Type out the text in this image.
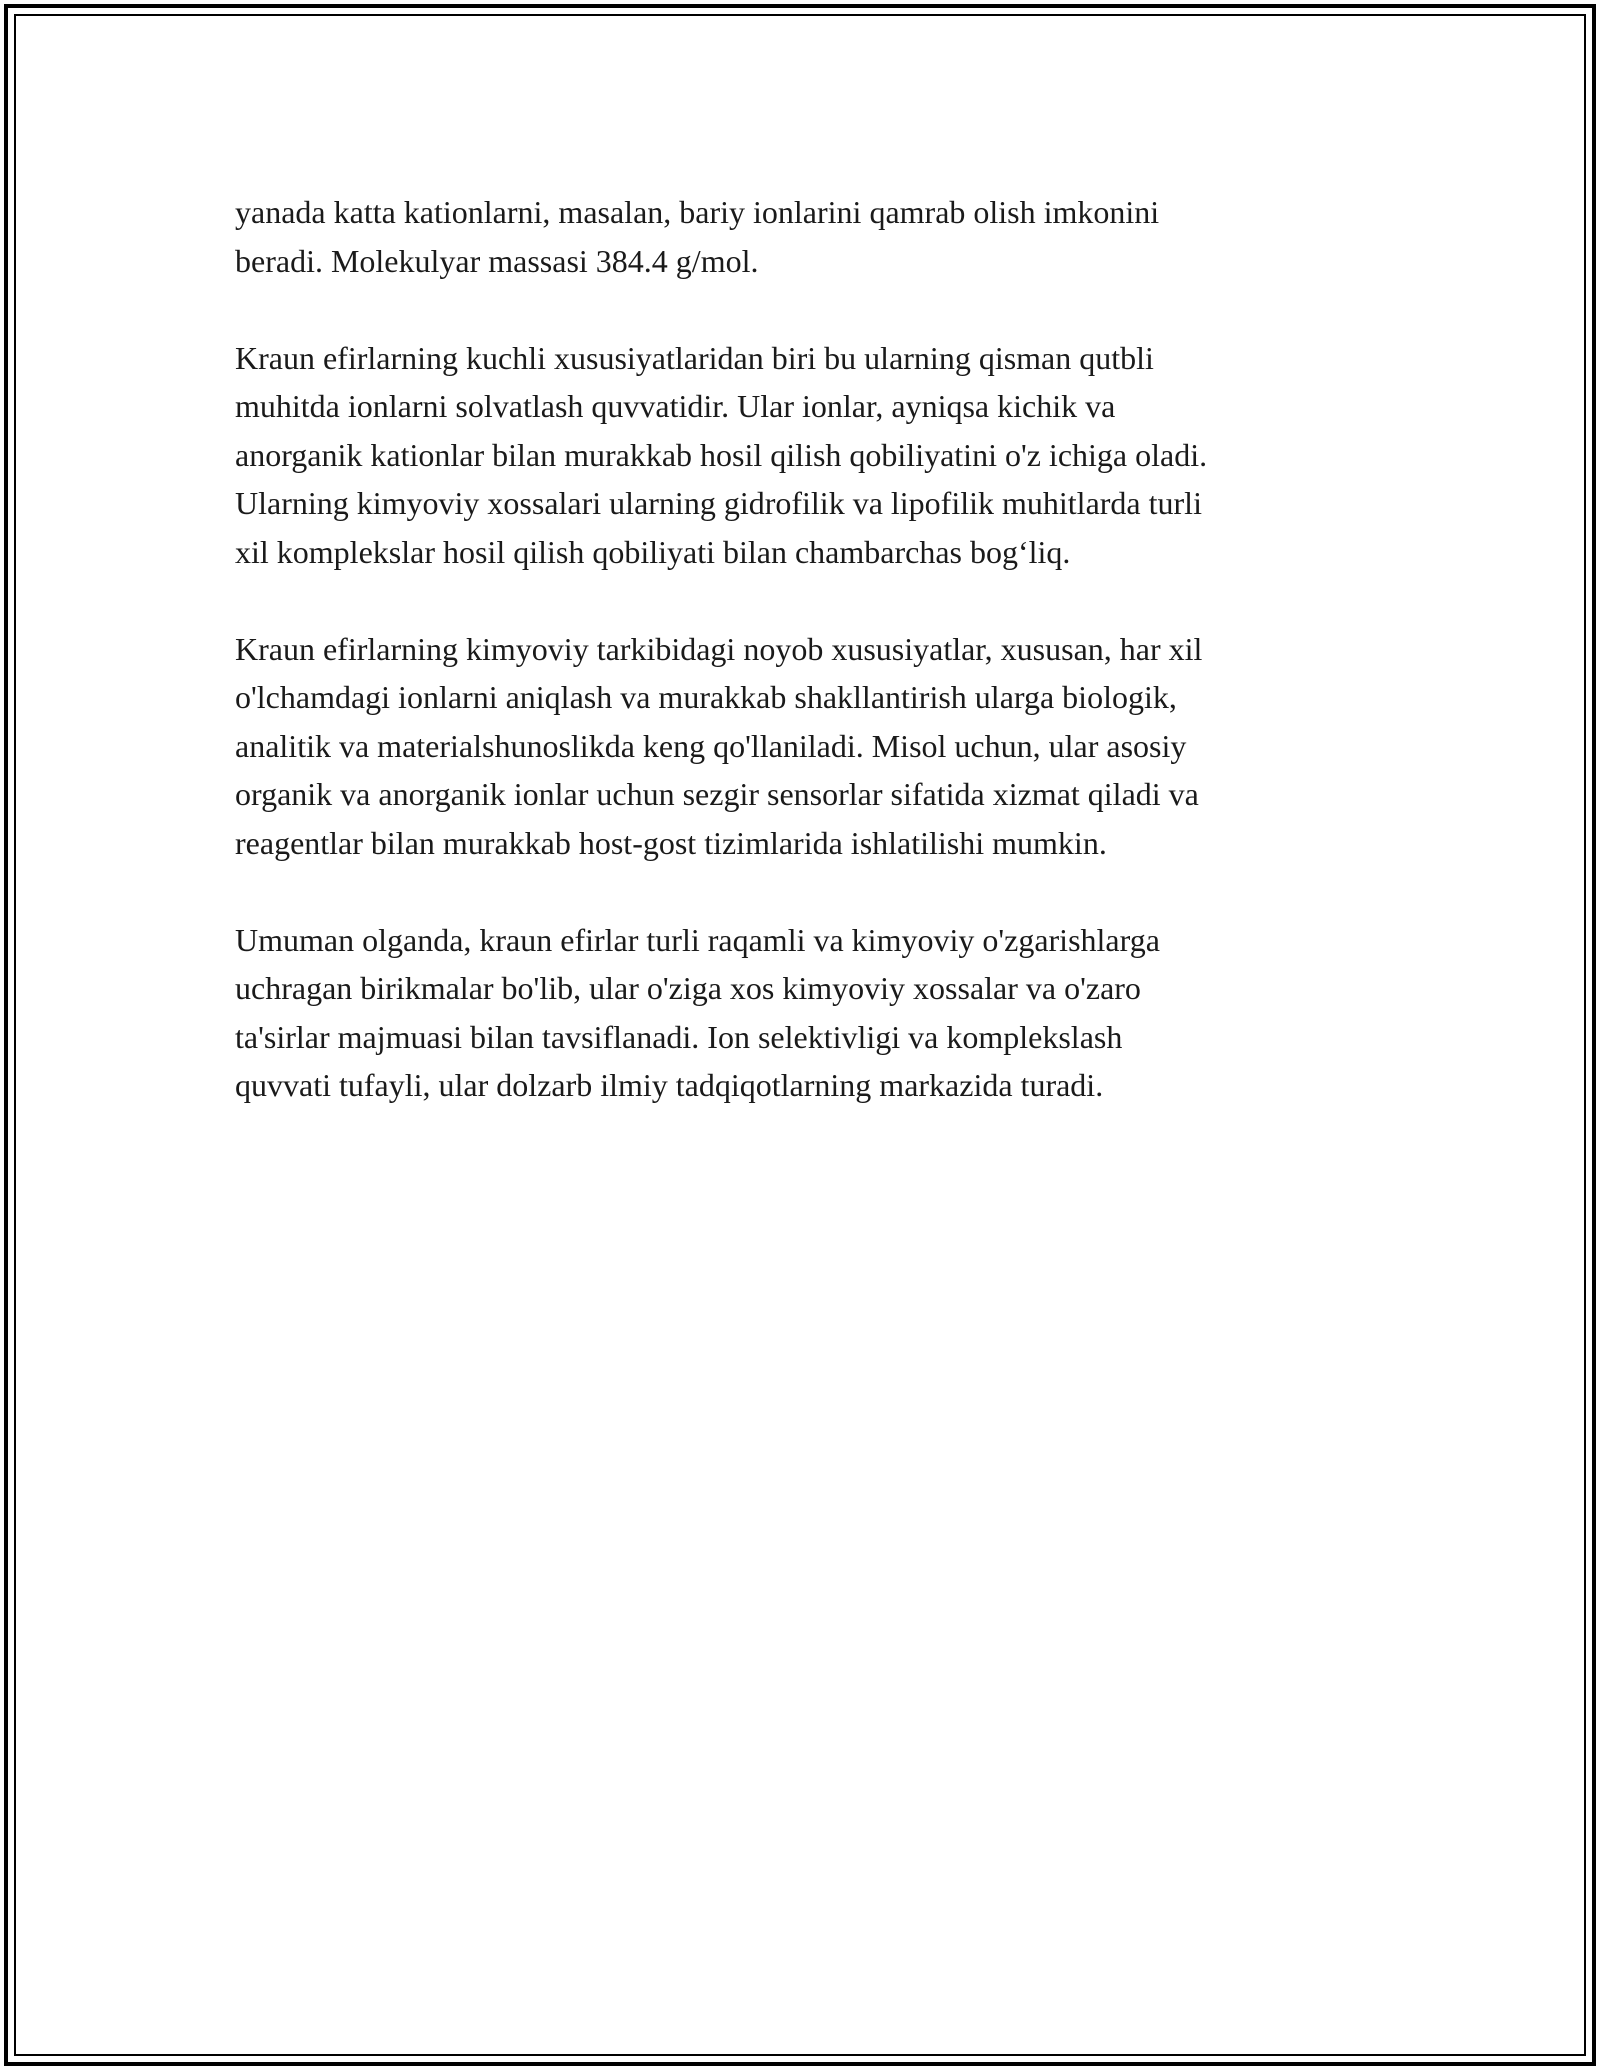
yanada katta kationlarni, masalan, bariy ionlarini qamrab olish imkonini
beradi. Molekulyar massasi 384.4 g/mol.

Kraun efirlarning kuchli xususiyatlaridan biri bu ularning qisman qutbli
muhitda ionlarni solvatlash quvvatidir. Ular ionlar, ayniqsa kichik va
anorganik kationlar bilan murakkab hosil qilish qobiliyatini o'z ichiga oladi.
Ularning kimyoviy xossalari ularning gidrofilik va lipofilik muhitlarda turli
xil komplekslar hosil qilish qobiliyati bilan chambarchas bog‘liq.

Kraun efirlarning kimyoviy tarkibidagi noyob xususiyatlar, xususan, har xil
o'lchamdagi ionlarni aniqlash va murakkab shakllantirish ularga biologik,
analitik va materialshunoslikda keng qo'llaniladi. Misol uchun, ular asosiy
organik va anorganik ionlar uchun sezgir sensorlar sifatida xizmat qiladi va
reagentlar bilan murakkab host-gost tizimlarida ishlatilishi mumkin.

Umuman olganda, kraun efirlar turli raqamli va kimyoviy o'zgarishlarga
uchragan birikmalar bo'lib, ular o'ziga xos kimyoviy xossalar va o'zaro
ta'sirlar majmuasi bilan tavsiflanadi. Ion selektivligi va komplekslash
quvvati tufayli, ular dolzarb ilmiy tadqiqotlarning markazida turadi.
